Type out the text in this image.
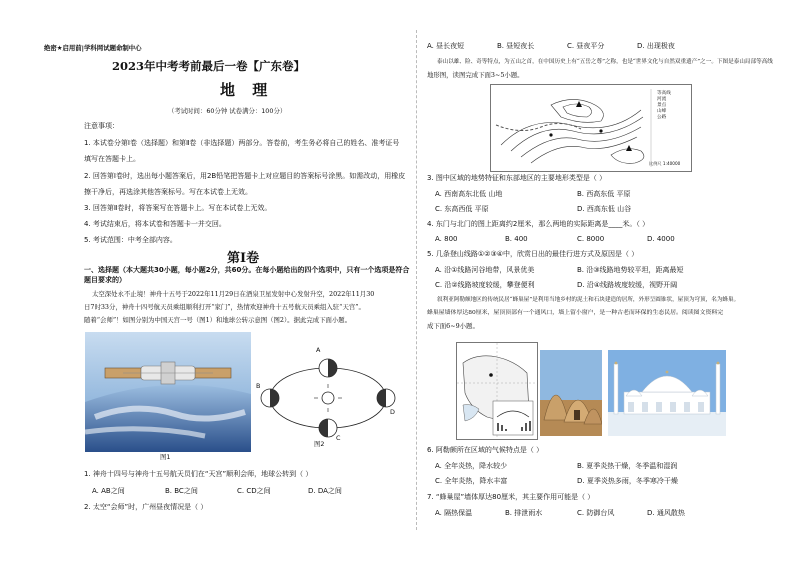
绝密★启用前|学科网试题命制中心
2023年中考考前最后一卷【广东卷】
地 理
（考试时间：60分钟 试卷满分：100分）
注意事项：
1. 本试卷分第Ⅰ卷（选择题）和第Ⅱ卷（非选择题）两部分。答卷前，考生务必将自己的姓名、准考证号
填写在答题卡上。
2. 回答第Ⅰ卷时，选出每小题答案后，用2B铅笔把答题卡上对应题目的答案标号涂黑。如需改动，用橡皮
擦干净后，再选涂其他答案标号。写在本试卷上无效。
3. 回答第Ⅱ卷时，将答案写在答题卡上。写在本试卷上无效。
4. 考试结束后，将本试卷和答题卡一并交回。
5. 考试范围：中考全部内容。
第Ⅰ卷
一、选择题（本大题共30小题，每小题2分，共60分。在每小题给出的四个选项中，只有一个选项是符合
题目要求的）
太空深处永不止境！神舟十五号于2022年11月29日在酒泉卫星发射中心发射升空，2022年11月30
日7时33分，神舟十四号航天员乘组顺利打开“家门”，热情欢迎神舟十五号航天员乘组入驻“天宫”。
随着“会师”！如图分别为中国天宫一号（图1）和地球公转示意图（图2）。据此完成下面小题。
A
B
C
D
图1
图2
1. 神舟十四号与神舟十五号航天员们在“天宫”顺利会师，地球公转到（ ）
A. AB之间	B. BC之间	C. CD之间	D. DA之间
2. 太空“会师”时，广州昼夜情况是（ ）
A. 昼长夜短	B. 昼短夜长	C. 昼夜平分	D. 出现极夜
泰山以雄、险、奇等特点，为五山之首，在中国历史上有“五岳之尊”之称，也是“世界文化与自然双重遗产”之一。下图是泰山局部等高线
地形图，读图完成下面3~5小题。
等高线
河流
景点
山峰
公路
比例尺 1:40000
3. 图中区域的地势特征和东部地区的主要地形类型是（ ）
A. 西南高东北低 山地	B. 西高东低 平原
C. 东高西低 平原	D. 西高东低 山谷
4. 东门与北门的图上距离约2厘米，那么两地的实际距离是____米。（ ）
A. 800	B. 400	C. 8000	D. 4000
5. 几条登山线路①②③④中，欣赏日出的最佳行进方式及原因是（ ）
A. 沿①线路河谷地带，风景优美	B. 沿③线路地势较平坦，距离最短
C. 沿②线路坡度较缓，攀登便利	D. 沿④线路坡度较缓，视野开阔
叙利亚阿勒颇地区的传统民居“蜂巢屋”是利用当地乡村的泥土和石块建造的居所，外形呈圆锥状，屋顶为穹顶，名为蜂巢。
蜂巢屋墙体厚达80厘米，屋顶顶部有一个通风口，墙上留小窗户，是一种古老而环保的生态民居。阅读图文资料完
成下面6~9小题。
6. 阿勒颇所在区域的气候特点是（ ）
A. 全年炎热，降水较少	B. 夏季炎热干燥，冬季温和湿润
C. 全年炎热，降水丰富	D. 夏季炎热多雨，冬季寒冷干燥
7. “蜂巢屋”墙体厚达80厘米，其主要作用可能是（ ）
A. 隔热保温	B. 排泄雨水	C. 防御台风	D. 通风散热
